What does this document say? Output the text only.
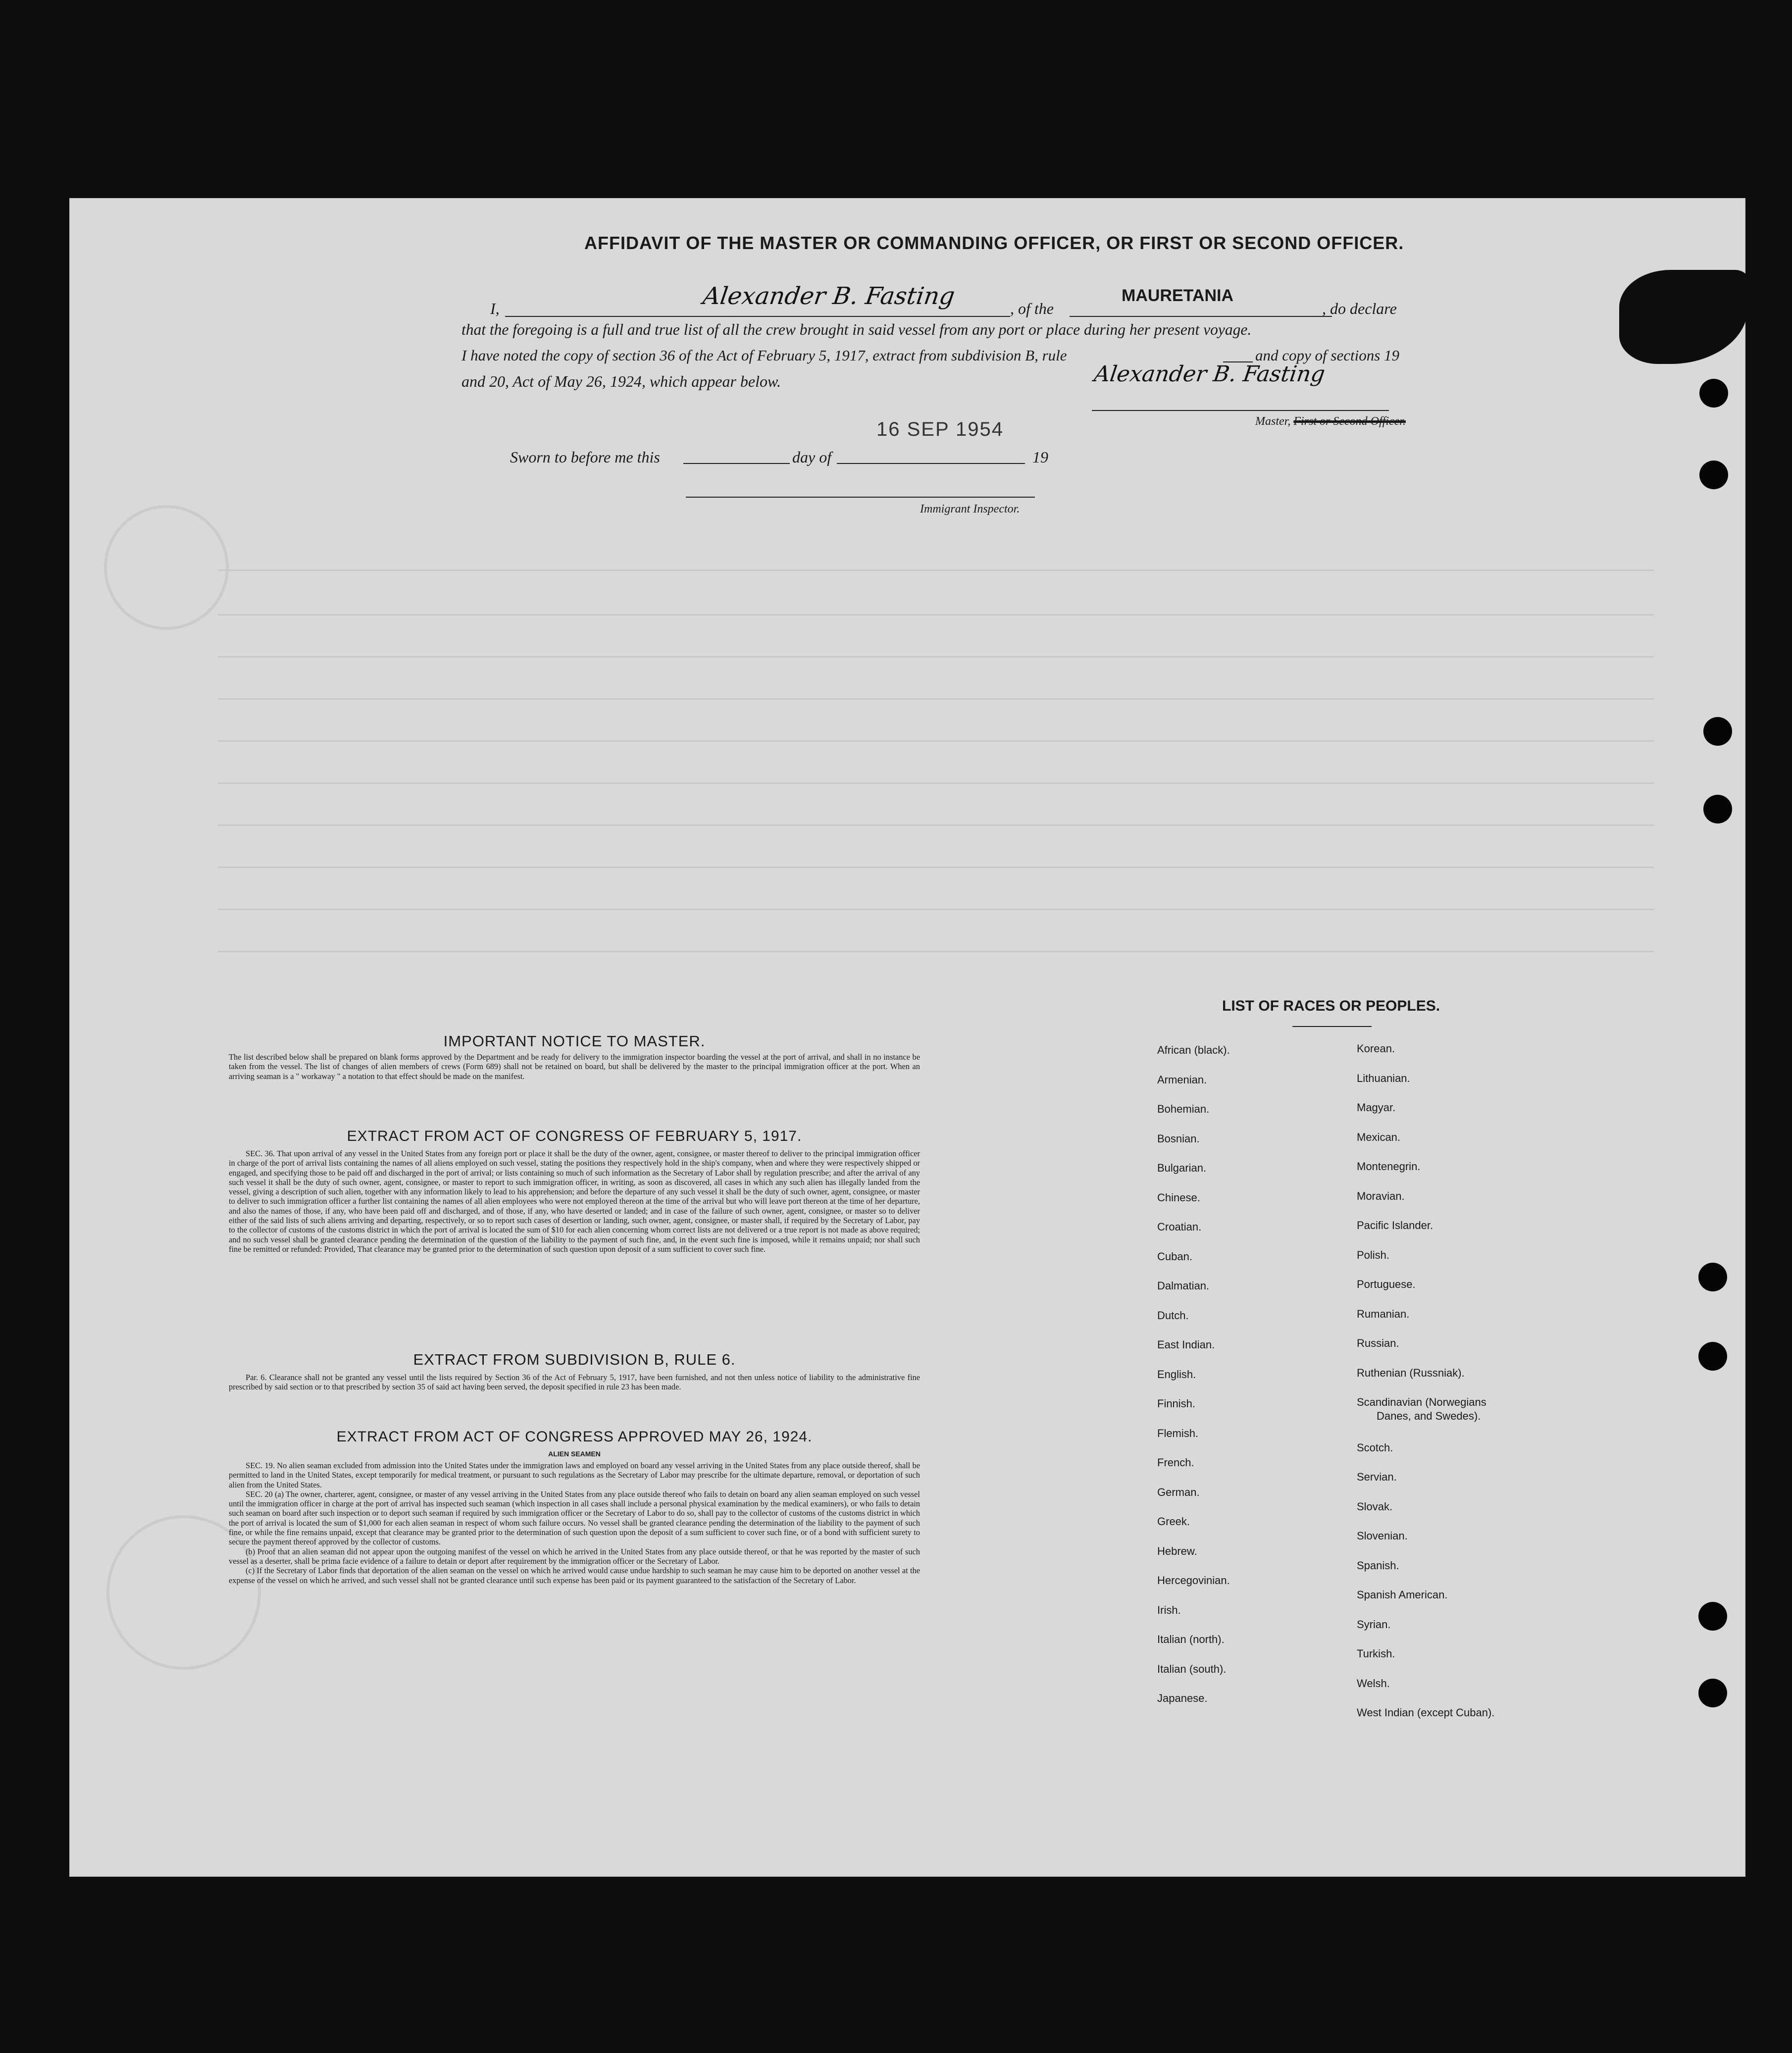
AFFIDAVIT OF THE MASTER OR COMMANDING OFFICER, OR FIRST OR SECOND OFFICER.
I,	Alexander B. Fasting	, of the
MAURETANIA
, do declare
that the foregoing is a full and true list of all the crew brought in said vessel from any port or place during her present voyage.
I have noted the copy of section 36 of the Act of February 5, 1917, extract from subdivision B, rule	and copy of sections 19
and 20, Act of May 26, 1924, which appear below.	Alexander B. Fasting
Master, First or Second Officer.
16 SEP 1954
Sworn to before me this	day of	19
Immigrant Inspector.
IMPORTANT NOTICE TO MASTER.
The list described below shall be prepared on blank forms approved by the Department and be ready for delivery to the immigration inspector boarding the vessel at the port of arrival, and shall in no instance be taken from the vessel. The list of changes of alien members of crews (Form 689) shall not be retained on board, but shall be delivered by the master to the principal immigration officer at the port. When an arriving seaman is a " workaway " a notation to that effect should be made on the manifest.
EXTRACT FROM ACT OF CONGRESS OF FEBRUARY 5, 1917.

SEC. 36. That upon arrival of any vessel in the United States from any foreign port or place it shall be the duty of the owner, agent, consignee, or master thereof to deliver to the principal immigration officer in charge of the port of arrival lists containing the names of all aliens employed on such vessel, stating the positions they respectively hold in the ship's company, when and where they were respectively shipped or engaged, and specifying those to be paid off and discharged in the port of arrival; or lists containing so much of such information as the Secretary of Labor shall by regulation prescribe; and after the arrival of any such vessel it shall be the duty of such owner, agent, consignee, or master to report to such immigration officer, in writing, as soon as discovered, all cases in which any such alien has illegally landed from the vessel, giving a description of such alien, together with any information likely to lead to his apprehension; and before the departure of any such vessel it shall be the duty of such owner, agent, consignee, or master to deliver to such immigration officer a further list containing the names of all alien employees who were not employed thereon at the time of the arrival but who will leave port thereon at the time of her departure, and also the names of those, if any, who have been paid off and discharged, and of those, if any, who have deserted or landed; and in case of the failure of such owner, agent, consignee, or master so to deliver either of the said lists of such aliens arriving and departing, respectively, or so to report such cases of desertion or landing, such owner, agent, consignee, or master shall, if required by the Secretary of Labor, pay to the collector of customs of the customs district in which the port of arrival is located the sum of $10 for each alien concerning whom correct lists are not delivered or a true report is not made as above required; and no such vessel shall be granted clearance pending the determination of the question of the liability to the payment of such fine, and, in the event such fine is imposed, while it remains unpaid; nor shall such fine be remitted or refunded: Provided, That clearance may be granted prior to the determination of such question upon deposit of a sum sufficient to cover such fine.

EXTRACT FROM SUBDIVISION B, RULE 6.

Par. 6. Clearance shall not be granted any vessel until the lists required by Section 36 of the Act of February 5, 1917, have been furnished, and not then unless notice of liability to the administrative fine prescribed by said section or to that prescribed by section 35 of said act having been served, the deposit specified in rule 23 has been made.

EXTRACT FROM ACT OF CONGRESS APPROVED MAY 26, 1924.
ALIEN SEAMEN

SEC. 19. No alien seaman excluded from admission into the United States under the immigration laws and employed on board any vessel arriving in the United States from any place outside thereof, shall be permitted to land in the United States, except temporarily for medical treatment, or pursuant to such regulations as the Secretary of Labor may prescribe for the ultimate departure, removal, or deportation of such alien from the United States.

SEC. 20 (a) The owner, charterer, agent, consignee, or master of any vessel arriving in the United States from any place outside thereof who fails to detain on board any alien seaman employed on such vessel until the immigration officer in charge at the port of arrival has inspected such seaman (which inspection in all cases shall include a personal physical examination by the medical examiners), or who fails to detain such seaman on board after such inspection or to deport such seaman if required by such immigration officer or the Secretary of Labor to do so, shall pay to the collector of customs of the customs district in which the port of arrival is located the sum of $1,000 for each alien seaman in respect of whom such failure occurs. No vessel shall be granted clearance pending the determination of the liability to the payment of such fine, or while the fine remains unpaid, except that clearance may be granted prior to the determination of such question upon the deposit of a sum sufficient to cover such fine, or of a bond with sufficient surety to secure the payment thereof approved by the collector of customs.

(b) Proof that an alien seaman did not appear upon the outgoing manifest of the vessel on which he arrived in the United States from any place outside thereof, or that he was reported by the master of such vessel as a deserter, shall be prima facie evidence of a failure to detain or deport after requirement by the immigration officer or the Secretary of Labor.

(c) If the Secretary of Labor finds that deportation of the alien seaman on the vessel on which he arrived would cause undue hardship to such seaman he may cause him to be deported on another vessel at the expense of the vessel on which he arrived, and such vessel shall not be granted clearance until such expense has been paid or its payment guaranteed to the satisfaction of the Secretary of Labor.

LIST OF RACES OR PEOPLES.
African (black).
Armenian.
Bohemian.
Bosnian.
Bulgarian.
Chinese.
Croatian.
Cuban.
Dalmatian.
Dutch.
East Indian.
English.
Finnish.
Flemish.
French.
German.
Greek.
Hebrew.
Hercegovinian.
Irish.
Italian (north).
Italian (south).
Japanese.
Korean.
Lithuanian.
Magyar.
Mexican.
Montenegrin.
Moravian.
Pacific Islander.
Polish.
Portuguese.
Rumanian.
Russian.
Ruthenian (Russniak).
Scandinavian (Norwegians
Danes, and Swedes).
Scotch.
Servian.
Slovak.
Slovenian.
Spanish.
Spanish American.
Syrian.
Turkish.
Welsh.
West Indian (except Cuban).
